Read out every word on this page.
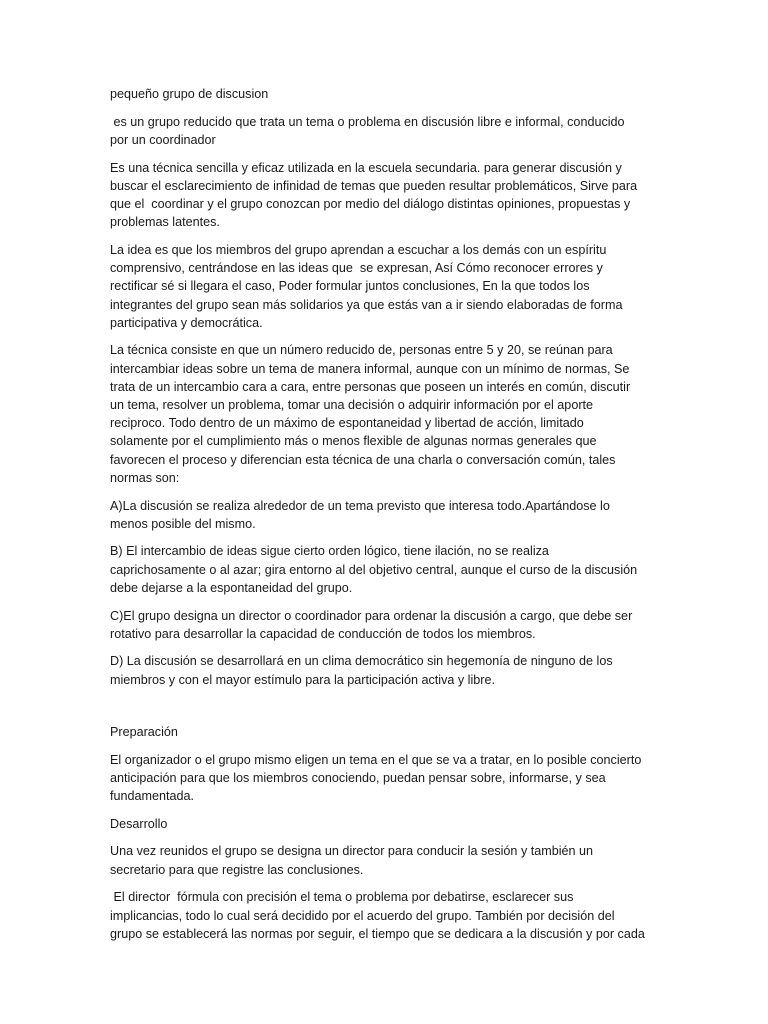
pequeño grupo de discusion

es un grupo reducido que trata un tema o problema en discusión libre e informal, conducido
por un coordinador

Es una técnica sencilla y eficaz utilizada en la escuela secundaria. para generar discusión y
buscar el esclarecimiento de infinidad de temas que pueden resultar problemáticos, Sirve para
que el  coordinar y el grupo conozcan por medio del diálogo distintas opiniones, propuestas y
problemas latentes.

La idea es que los miembros del grupo aprendan a escuchar a los demás con un espíritu
comprensivo, centrándose en las ideas que  se expresan, Así Cómo reconocer errores y
rectificar sé si llegara el caso, Poder formular juntos conclusiones, En la que todos los
integrantes del grupo sean más solidarios ya que estás van a ir siendo elaboradas de forma
participativa y democrática.

La técnica consiste en que un número reducido de, personas entre 5 y 20, se reúnan para
intercambiar ideas sobre un tema de manera informal, aunque con un mínimo de normas, Se
trata de un intercambio cara a cara, entre personas que poseen un interés en común, discutir
un tema, resolver un problema, tomar una decisión o adquirir información por el aporte
reciproco. Todo dentro de un máximo de espontaneidad y libertad de acción, limitado
solamente por el cumplimiento más o menos flexible de algunas normas generales que
favorecen el proceso y diferencian esta técnica de una charla o conversación común, tales
normas son:

A)La discusión se realiza alrededor de un tema previsto que interesa todo.Apartándose lo
menos posible del mismo.

B) El intercambio de ideas sigue cierto orden lógico, tiene ilación, no se realiza
caprichosamente o al azar; gira entorno al del objetivo central, aunque el curso de la discusión
debe dejarse a la espontaneidad del grupo.

C)El grupo designa un director o coordinador para ordenar la discusión a cargo, que debe ser
rotativo para desarrollar la capacidad de conducción de todos los miembros.

D) La discusión se desarrollará en un clima democrático sin hegemonía de ninguno de los
miembros y con el mayor estímulo para la participación activa y libre.

Preparación

El organizador o el grupo mismo eligen un tema en el que se va a tratar, en lo posible concierto
anticipación para que los miembros conociendo, puedan pensar sobre, informarse, y sea
fundamentada.

Desarrollo

Una vez reunidos el grupo se designa un director para conducir la sesión y también un
secretario para que registre las conclusiones.

El director  fórmula con precisión el tema o problema por debatirse, esclarecer sus
implicancias, todo lo cual será decidido por el acuerdo del grupo. También por decisión del
grupo se establecerá las normas por seguir, el tiempo que se dedicara a la discusión y por cada
